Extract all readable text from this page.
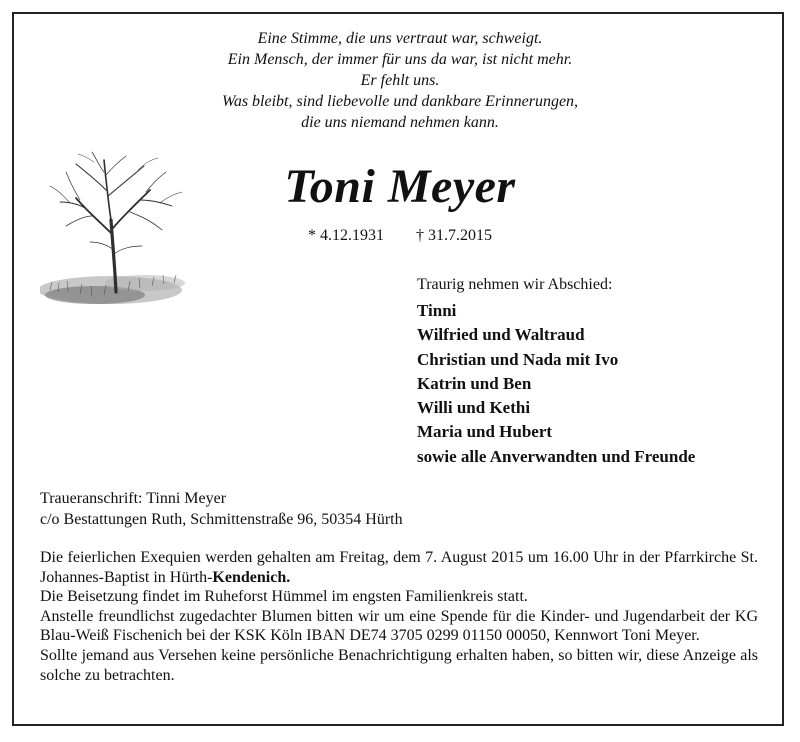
Eine Stimme, die uns vertraut war, schweigt.
Ein Mensch, der immer für uns da war, ist nicht mehr.
Er fehlt uns.
Was bleibt, sind liebevolle und dankbare Erinnerungen,
die uns niemand nehmen kann.
Toni Meyer
* 4.12.1931 † 31.7.2015
Traurig nehmen wir Abschied:
Tinni
Wilfried und Waltraud
Christian und Nada mit Ivo
Katrin und Ben
Willi und Kethi
Maria und Hubert
sowie alle Anverwandten und Freunde
Traueranschrift: Tinni Meyer
c/o Bestattungen Ruth, Schmittenstraße 96, 50354 Hürth

Die feierlichen Exequien werden gehalten am Freitag, dem 7. August 2015 um 16.00 Uhr in der Pfarrkirche St. Johannes-Baptist in Hürth-Kendenich.

Die Beisetzung findet im Ruheforst Hümmel im engsten Familienkreis statt.

Anstelle freundlichst zugedachter Blumen bitten wir um eine Spende für die Kinder- und Jugendarbeit der KG Blau-Weiß Fischenich bei der KSK Köln IBAN DE74 3705 0299 01150 00050, Kennwort Toni Meyer.

Sollte jemand aus Versehen keine persönliche Benachrichtigung erhalten haben, so bitten wir, diese Anzeige als solche zu betrachten.
